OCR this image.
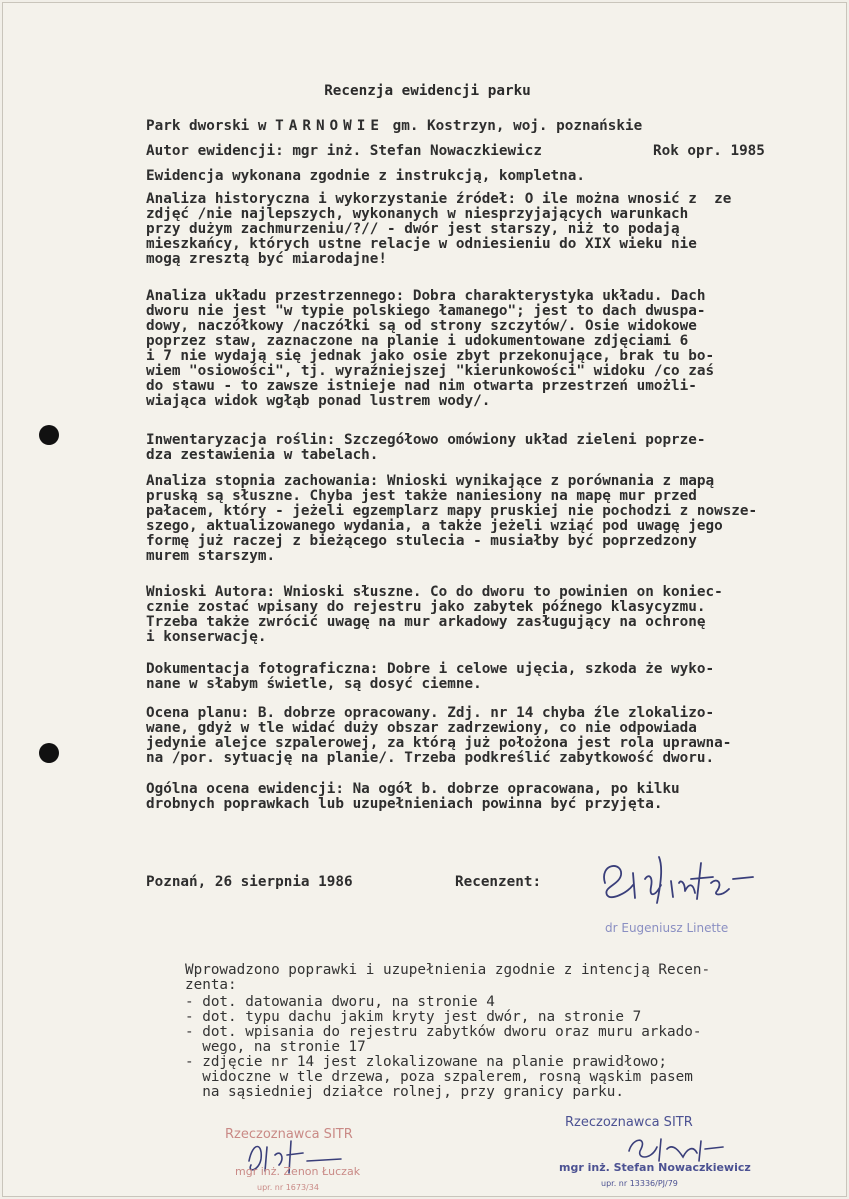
Recenzja ewidencji parku
Park dworski w TARNOWIE gm. Kostrzyn, woj. poznańskie
Autor ewidencji: mgr inż. Stefan Nowaczkiewicz	Rok opr. 1985
Ewidencja wykonana zgodnie z instrukcją, kompletna.
Analiza historyczna i wykorzystanie źródeł: O ile można wnosić z  ze
zdjęć /nie najlepszych, wykonanych w niesprzyjających warunkach
przy dużym zachmurzeniu/?// - dwór jest starszy, niż to podają
mieszkańcy, których ustne relacje w odniesieniu do XIX wieku nie
mogą zresztą być miarodajne!
Analiza układu przestrzennego: Dobra charakterystyka układu. Dach
dworu nie jest "w typie polskiego łamanego"; jest to dach dwuspa-
dowy, naczółkowy /naczółki są od strony szczytów/. Osie widokowe
poprzez staw, zaznaczone na planie i udokumentowane zdjęciami 6
i 7 nie wydają się jednak jako osie zbyt przekonujące, brak tu bo-
wiem "osiowości", tj. wyraźniejszej "kierunkowości" widoku /co zaś
do stawu - to zawsze istnieje nad nim otwarta przestrzeń umożli-
wiająca widok wgłąb ponad lustrem wody/.
Inwentaryzacja roślin: Szczegółowo omówiony układ zieleni poprze-
dza zestawienia w tabelach.
Analiza stopnia zachowania: Wnioski wynikające z porównania z mapą
pruską są słuszne. Chyba jest także naniesiony na mapę mur przed
pałacem, który - jeżeli egzemplarz mapy pruskiej nie pochodzi z nowsze-
szego, aktualizowanego wydania, a także jeżeli wziąć pod uwagę jego
formę już raczej z bieżącego stulecia - musiałby być poprzedzony
murem starszym.
Wnioski Autora: Wnioski słuszne. Co do dworu to powinien on koniec-
cznie zostać wpisany do rejestru jako zabytek późnego klasycyzmu.
Trzeba także zwrócić uwagę na mur arkadowy zasługujący na ochronę
i konserwację.
Dokumentacja fotograficzna: Dobre i celowe ujęcia, szkoda że wyko-
nane w słabym świetle, są dosyć ciemne.
Ocena planu: B. dobrze opracowany. Zdj. nr 14 chyba źle zlokalizo-
wane, gdyż w tle widać duży obszar zadrzewiony, co nie odpowiada
jedynie alejce szpalerowej, za którą już położona jest rola uprawna-
na /por. sytuację na planie/. Trzeba podkreślić zabytkowość dworu.
Ogólna ocena ewidencji: Na ogół b. dobrze opracowana, po kilku
drobnych poprawkach lub uzupełnieniach powinna być przyjęta.
Poznań, 26 sierpnia 1986	Recenzent:
dr Eugeniusz Linette
Wprowadzono poprawki i uzupełnienia zgodnie z intencją Recen-
zenta:
- dot. datowania dworu, na stronie 4
- dot. typu dachu jakim kryty jest dwór, na stronie 7
- dot. wpisania do rejestru zabytków dworu oraz muru arkado-
wego, na stronie 17
- zdjęcie nr 14 jest zlokalizowane na planie prawidłowo;
widoczne w tle drzewa, poza szpalerem, rosną wąskim pasem
na sąsiedniej działce rolnej, przy granicy parku.
Rzeczoznawca SITR
mgr inż. Zenon Łuczak
upr. nr 1673/34
Rzeczoznawca SITR
mgr inż. Stefan Nowaczkiewicz
upr. nr 13336/PJ/79
